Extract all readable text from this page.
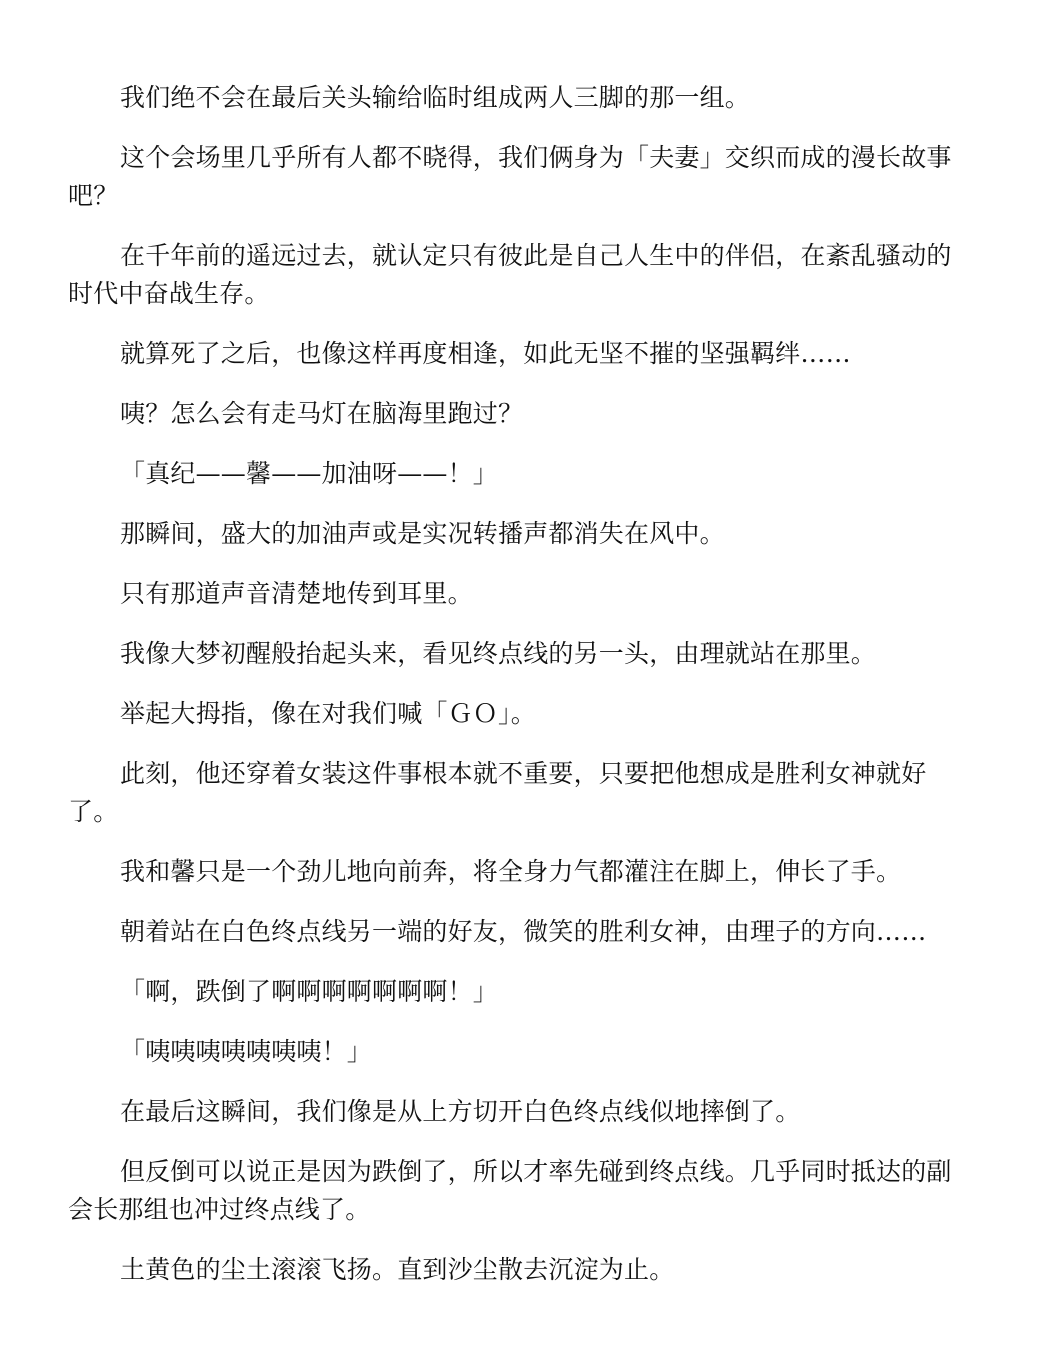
我们绝不会在最后关头输给临时组成两人三脚的那一组。

这个会场里几乎所有人都不晓得，我们俩身为「夫妻」交织而成的漫长故事吧？

在千年前的遥远过去，就认定只有彼此是自己人生中的伴侣，在紊乱骚动的时代中奋战生存。

就算死了之后，也像这样再度相逢，如此无坚不摧的坚强羁绊……

咦？怎么会有走马灯在脑海里跑过？

「真纪——馨——加油呀——！」

那瞬间，盛大的加油声或是实况转播声都消失在风中。

只有那道声音清楚地传到耳里。

我像大梦初醒般抬起头来，看见终点线的另一头，由理就站在那里。

举起大拇指，像在对我们喊「ＧＯ」。

此刻，他还穿着女装这件事根本就不重要，只要把他想成是胜利女神就好了。

我和馨只是一个劲儿地向前奔，将全身力气都灌注在脚上，伸长了手。

朝着站在白色终点线另一端的好友，微笑的胜利女神，由理子的方向……

「啊，跌倒了啊啊啊啊啊啊啊！」

「咦咦咦咦咦咦咦！」

在最后这瞬间，我们像是从上方切开白色终点线似地摔倒了。

但反倒可以说正是因为跌倒了，所以才率先碰到终点线。几乎同时抵达的副会长那组也冲过终点线了。

土黄色的尘土滚滚飞扬。直到沙尘散去沉淀为止。
